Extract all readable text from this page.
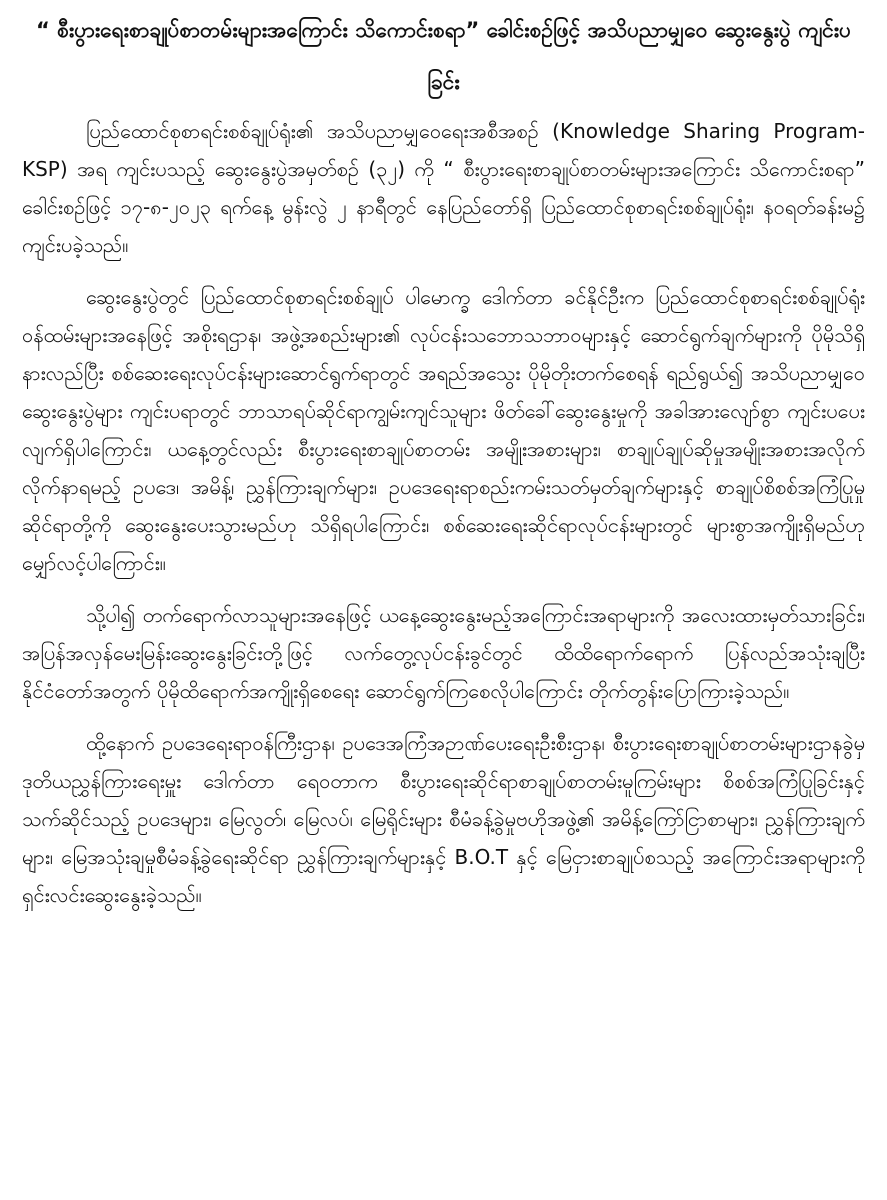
“ စီးပွားရေးစာချုပ်စာတမ်းများအကြောင်း သိကောင်းစရာ” ခေါင်းစဉ်ဖြင့် အသိပညာမျှဝေ ဆွေးနွေးပွဲ ကျင်းပခြင်း

ပြည်ထောင်စုစာရင်းစစ်ချုပ်ရုံး၏ အသိပညာမျှဝေရေးအစီအစဉ် (Knowledge Sharing Program-KSP) အရ ကျင်းပသည့် ဆွေးနွေးပွဲအမှတ်စဉ် (၃၂) ကို “ စီးပွားရေးစာချုပ်စာတမ်းများအကြောင်း သိကောင်းစရာ” ခေါင်းစဉ်ဖြင့် ၁၇-၈-၂၀၂၃ ရက်နေ့ မွန်းလွဲ ၂ နာရီတွင် နေပြည်တော်ရှိ ပြည်ထောင်စုစာရင်းစစ်ချုပ်ရုံး၊ နဝရတ်ခန်းမ၌ ကျင်းပခဲ့သည်။

ဆွေးနွေးပွဲတွင် ပြည်ထောင်စုစာရင်းစစ်ချုပ် ပါမောက္ခ ဒေါက်တာ ခင်နိုင်ဦးက ပြည်ထောင်စုစာရင်းစစ်ချုပ်ရုံးဝန်ထမ်းများအနေဖြင့် အစိုးရဌာန၊ အဖွဲ့အစည်းများ၏ လုပ်ငန်းသဘောသဘာဝများနှင့် ဆောင်ရွက်ချက်များကို ပိုမိုသိရှိနားလည်ပြီး စစ်ဆေးရေးလုပ်ငန်းများဆောင်ရွက်ရာတွင် အရည်အသွေး ပိုမိုတိုးတက်စေရန် ရည်ရွယ်၍ အသိပညာမျှဝေဆွေးနွေးပွဲများ ကျင်းပရာတွင် ဘာသာရပ်ဆိုင်ရာကျွမ်းကျင်သူများ ဖိတ်ခေါ်ဆွေးနွေးမှုကို အခါအားလျော်စွာ ကျင်းပပေးလျက်ရှိပါကြောင်း၊ ယနေ့တွင်လည်း စီးပွားရေးစာချုပ်စာတမ်း အမျိုးအစားများ၊ စာချုပ်ချုပ်ဆိုမှုအမျိုးအစားအလိုက် လိုက်နာရမည့် ဥပဒေ၊ အမိန့်၊ ညွှန်ကြားချက်များ၊ ဥပဒေရေးရာစည်းကမ်းသတ်မှတ်ချက်များနှင့် စာချုပ်စိစစ်အကြံပြုမှုဆိုင်ရာတို့ကို ဆွေးနွေးပေးသွားမည်ဟု သိရှိရပါကြောင်း၊ စစ်ဆေးရေးဆိုင်ရာလုပ်ငန်းများတွင် များစွာအကျိုးရှိမည်ဟု မျှော်လင့်ပါကြောင်း။

သို့ပါ၍ တက်ရောက်လာသူများအနေဖြင့် ယနေ့ဆွေးနွေးမည့်အကြောင်းအရာများကို အလေးထားမှတ်သားခြင်း၊ အပြန်အလှန်မေးမြန်းဆွေးနွေးခြင်းတို့ဖြင့် လက်တွေ့လုပ်ငန်းခွင်တွင် ထိထိရောက်ရောက် ပြန်လည်အသုံးချပြီး နိုင်ငံတော်အတွက် ပိုမိုထိရောက်အကျိုးရှိစေရေး ဆောင်ရွက်ကြစေလိုပါကြောင်း တိုက်တွန်းပြောကြားခဲ့သည်။

ထို့နောက် ဥပဒေရေးရာဝန်ကြီးဌာန၊ ဥပဒေအကြံအဉာဏ်ပေးရေးဦးစီးဌာန၊ စီးပွားရေးစာချုပ်စာတမ်းများဌာနခွဲမှ ဒုတိယညွှန်ကြားရေးမှူး ဒေါက်တာ ရေဝတာက စီးပွားရေးဆိုင်ရာစာချုပ်စာတမ်းမူကြမ်းများ စိစစ်အကြံပြုခြင်းနှင့်သက်ဆိုင်သည့် ဥပဒေများ၊ မြေလွတ်၊ မြေလပ်၊ မြေရိုင်းများ စီမံခန့်ခွဲမှုဗဟိုအဖွဲ့၏ အမိန့်ကြော်ငြာစာများ၊ ညွှန်ကြားချက်များ၊ မြေအသုံးချမှုစီမံခန့်ခွဲရေးဆိုင်ရာ ညွှန်ကြားချက်များနှင့် B.O.T နှင့် မြေငှားစာချုပ်စသည့် အကြောင်းအရာများကို ရှင်းလင်းဆွေးနွေးခဲ့သည်။
